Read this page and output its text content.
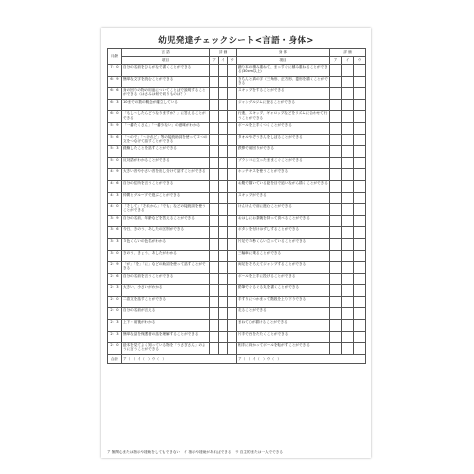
幼児発達チェックシート<言語・身体>
月齢	言 語	評 価			身 体	評 価		
	項目	ア	イ	ウ	項目	ア	イ	ウ
7：0	自分の名前をひらがなで書くことができる				踊り本の積み重ねて、まっすぐに積み重ねることができる(30cm以上)			
6：9	簡単な文字を読むことができる				きちんと真の字（三角形、正方形、菱形を描くことができる			
6：6	身の回りの物の用途についてことばで説明することができる（はさみは何で切りものは？）				スキップをすることができる			
6：3	10までの数の概念が確立している				ジャングルジムに登ることができる			
6：0	「もし～したらどうなりますか？」に答えることができる				行進、スキップ、ギャロップなどをリズムに合わせて行うことができる			
5：9	「一番たくさん」「一番少ない」の意味がわかる				ボールを上手くつくことができる			
5：6	「～ので」「～けれど」等の接続助詞を使って２つの文をつなげて話すことができる				タオルやぞうきんをしぼることができる			
5：3	経験したことを話すことができる				鉄棒で前回りができる			
5：0	反対語がわかることができる				ブランコに立ったままこぐことができる			
4：9	大きい音や小さい音を出し分けて話すことができる				ホッチキスを使うことができる			
4：6	自分の住所を言うことができる				お腹で描いている絵を目で追いながら描くことができる			
4：3	仲間とグループで遊ぶことができる				スキップができる			
4：0	「そして」「それから」「でも」などの接続詞を使うことができる				けんけんで前に進むことができる			
3：9	自分の名前、年齢などを答えることができる				おはしにお茶碗を持って食べることができる			
3：6	今日、きのう、あしたの区別ができる				ボタンを付けはずしすることができる			
3：3	５色くらいの色名がわかる				片足で５秒くらい立っていることができる			
3：0	きのう、きょう、あしたがわかる				三輪車に乗ることができる			
2：9	「が」「を」「に」などの助詞を使って話すことができる				両足をそろえてジャンプすることができる			
2：6	自分の名前を言うことができる				ボールを上手に投げることができる			
2：3	大きい、小さいがわかる				鉛筆でぐるぐる丸を書くことができる			
2：0	二語文を話すことができる				手すりにつかまって階段を上り下りできる			
2：0	自分の名前が言える				走ることができる			
2：3	上下・前後がわかる				まねて○が描けることができる			
2：3	簡単な話を保護者の話を理解することができる				片手で台をたたくことができる			
2：0	絵本を見てよく知っている物を「うさぎさん」のように言うことができる				相手に向かってボールを転がすことができる			
合計	ア（　）イ（　）ウ（　）				ア（　）イ（　）ウ（　）			
ア 無関心または指示や援助をしてもできない　イ 指示や援助があればできる　ウ 自主的または一人でできる
